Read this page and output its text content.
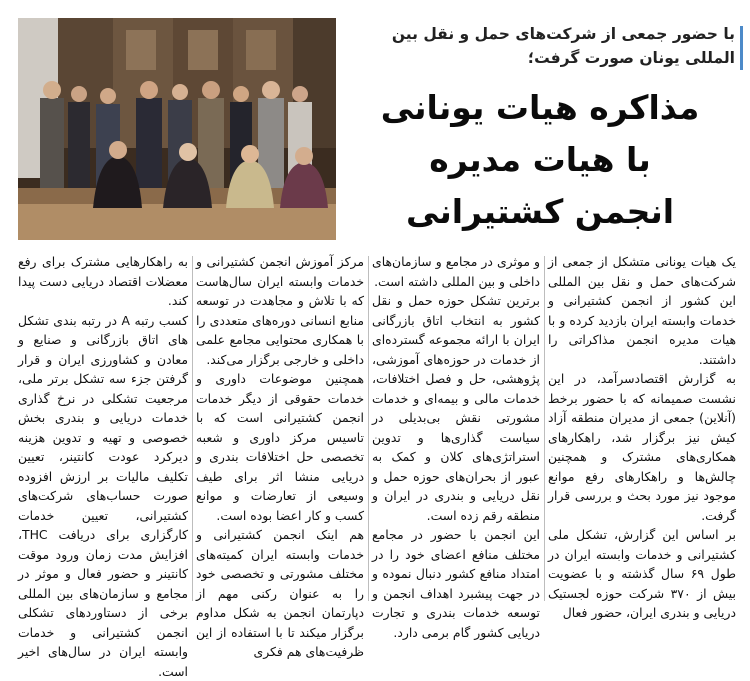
با حضور جمعی از شرکت‌های حمل و نقل بین المللی یونان صورت گرفت؛
مذاکره هیات یونانی
با هیات مدیره
انجمن کشتیرانی

یک هیات یونانی متشکل از جمعی از شرکت‌های حمل و نقل بین المللی این کشور از انجمن کشتیرانی و خدمات وابسته ایران بازدید کرده و با هیات مدیره انجمن مذاکراتی را داشتند.

به گزارش اقتصادسرآمد، در این نشست صمیمانه که با حضور برخط (آنلاین) جمعی از مدیران منطقه آزاد کیش نیز برگزار شد، راهکارهای همکاری‌های مشترک و همچنین چالش‌ها و راهکارهای رفع موانع موجود نیز مورد بحث و بررسی قرار گرفت.

بر اساس این گزارش، تشکل ملی کشتیرانی و خدمات وابسته ایران در طول ۶۹ سال گذشته و با عضویت بیش از ۳۷۰ شرکت حوزه لجستیک دریایی و بندری ایران، حضور فعال

و موثری در مجامع و سازمان‌های داخلی و بین المللی داشته است.

برترین تشکل حوزه حمل و نقل کشور به انتخاب اتاق بازرگانی ایران با ارائه مجموعه گسترده‌ای از خدمات در حوزه‌های آموزشی، پژوهشی، حل و فصل اختلافات، خدمات مالی و بیمه‌ای و خدمات مشورتی نقش بی‌بدیلی در سیاست گذاری‌ها و تدوین استراتژی‌های کلان و کمک به عبور از بحران‌های حوزه حمل و نقل دریایی و بندری در ایران و منطقه رقم زده است.

این انجمن با حضور در مجامع مختلف منافع اعضای خود را در امتداد منافع کشور دنبال نموده و در جهت پیشبرد اهداف انجمن و توسعه خدمات بندری و تجارت دریایی کشور گام برمی دارد.

مرکز آموزش انجمن کشتیرانی و خدمات وابسته ایران سال‌هاست که با تلاش و مجاهدت در توسعه منابع انسانی دوره‌های متعددی را با همکاری محتوایی مجامع علمی داخلی و خارجی برگزار می‌کند.

همچنین موضوعات داوری و خدمات حقوقی از دیگر خدمات انجمن کشتیرانی است که با تاسیس مرکز داوری و شعبه تخصصی حل اختلافات بندری و دریایی منشا اثر برای طیف وسیعی از تعارضات و موانع کسب و کار اعضا بوده است.

هم اینک انجمن کشتیرانی و خدمات وابسته ایران کمیته‌های مختلف مشورتی و تخصصی خود را به عنوان رکنی مهم از دپارتمان انجمن به شکل مداوم برگزار میکند تا با استفاده از این ظرفیت‌های هم فکری

به راهکارهایی مشترک برای رفع معضلات اقتصاد دریایی دست پیدا کند.

کسب رتبه A در رتبه بندی تشکل های اتاق بازرگانی و صنایع و معادن و کشاورزی ایران و قرار گرفتن جزء سه تشکل برتر ملی، مرجعیت تشکلی در نرخ گذاری خدمات دریایی و بندری بخش خصوصی و تهیه و تدوین هزینه دیرکرد عودت کانتینر، تعیین تکلیف مالیات بر ارزش افزوده صورت حساب‌های شرکت‌های کشتیرانی، تعیین خدمات کارگزاری برای دریافت THC، افزایش مدت زمان ورود موقت کانتینر و حضور فعال و موثر در مجامع و سازمان‌های بین المللی برخی از دستاوردهای تشکلی انجمن کشتیرانی و خدمات وابسته ایران در سال‌های اخیر است.
